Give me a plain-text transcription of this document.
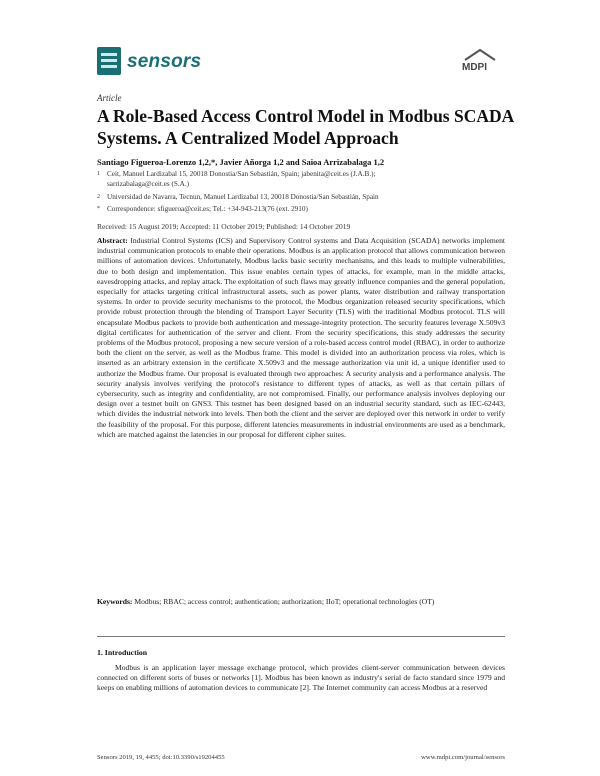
sensors	MDPI
Article
A Role-Based Access Control Model in Modbus SCADA Systems. A Centralized Model Approach
Santiago Figueroa-Lorenzo 1,2,*, Javier Añorga 1,2 and Saioa Arrizabalaga 1,2
1 Ceit, Manuel Lardizabal 15, 20018 Donostia/San Sebastián, Spain; jabenita@ceit.es (J.A.B.);
sarrizabalaga@ceit.es (S.A.)
2 Universidad de Navarra, Tecnun, Manuel Lardizabal 13, 20018 Donostia/San Sebastián, Spain
* Correspondence: sfigueroa@ceit.es; Tel.: +34-943-213(76 (ext. 2910)
Received: 15 August 2019; Accepted: 11 October 2019; Published: 14 October 2019
Abstract: Industrial Control Systems (ICS) and Supervisory Control systems and Data Acquisition (SCADA) networks implement industrial communication protocols to enable their operations. Modbus is an application protocol that allows communication between millions of automation devices. Unfortunately, Modbus lacks basic security mechanisms, and this leads to multiple vulnerabilities, due to both design and implementation. This issue enables certain types of attacks, for example, man in the middle attacks, eavesdropping attacks, and replay attack. The exploitation of such flaws may greatly influence companies and the general population, especially for attacks targeting critical infrastructural assets, such as power plants, water distribution and railway transportation systems. In order to provide security mechanisms to the protocol, the Modbus organization released security specifications, which provide robust protection through the blending of Transport Layer Security (TLS) with the traditional Modbus protocol. TLS will encapsulate Modbus packets to provide both authentication and message-integrity protection. The security features leverage X.509v3 digital certificates for authentication of the server and client. From the security specifications, this study addresses the security problems of the Modbus protocol, proposing a new secure version of a role-based access control model (RBAC), in order to authorize both the client on the server, as well as the Modbus frame. This model is divided into an authorization process via roles, which is inserted as an arbitrary extension in the certificate X.509v3 and the message authorization via unit id, a unique identifier used to authorize the Modbus frame. Our proposal is evaluated through two approaches: A security analysis and a performance analysis. The security analysis involves verifying the protocol's resistance to different types of attacks, as well as that certain pillars of cybersecurity, such as integrity and confidentiality, are not compromised. Finally, our performance analysis involves deploying our design over a testnet built on GNS3. This testnet has been designed based on an industrial security standard, such as IEC-62443, which divides the industrial network into levels. Then both the client and the server are deployed over this network in order to verify the feasibility of the proposal. For this purpose, different latencies measurements in industrial environments are used as a benchmark, which are matched against the latencies in our proposal for different cipher suites.
Keywords: Modbus; RBAC; access control; authentication; authorization; IIoT; operational technologies (OT)
1. Introduction
Modbus is an application layer message exchange protocol, which provides client-server communication between devices connected on different sorts of buses or networks [1]. Modbus has been known as industry's serial de facto standard since 1979 and keeps on enabling millions of automation devices to communicate [2]. The Internet community can access Modbus at a reserved
Sensors 2019, 19, 4455; doi:10.3390/s19204455	www.mdpi.com/journal/sensors
